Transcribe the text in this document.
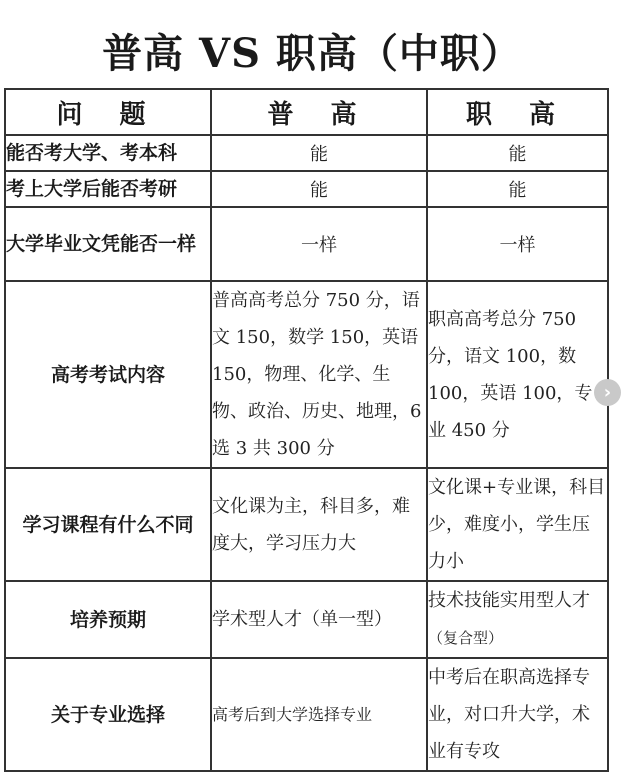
普高 VS 职高（中职）
问 题	普 高	职 高
能否考大学、考本科	能	能
考上大学后能否考研	能	能
大学毕业文凭能否一样	一样	一样
高考考试内容	普高高考总分 750 分，语文 150，数学 150，英语 150，物理、化学、生物、政治、历史、地理，6 选 3 共 300 分	职高高考总分 750 分，语文 100，数 100，英语 100，专业 450 分
学习课程有什么不同	文化课为主，科目多，难度大，学习压力大	文化课+专业课，科目少，难度小，学生压力小
培养预期	学术型人才（单一型）	技术技能实用型人才（复合型）
关于专业选择	高考后到大学选择专业	中考后在职高选择专业，对口升大学，术业有专攻
›
